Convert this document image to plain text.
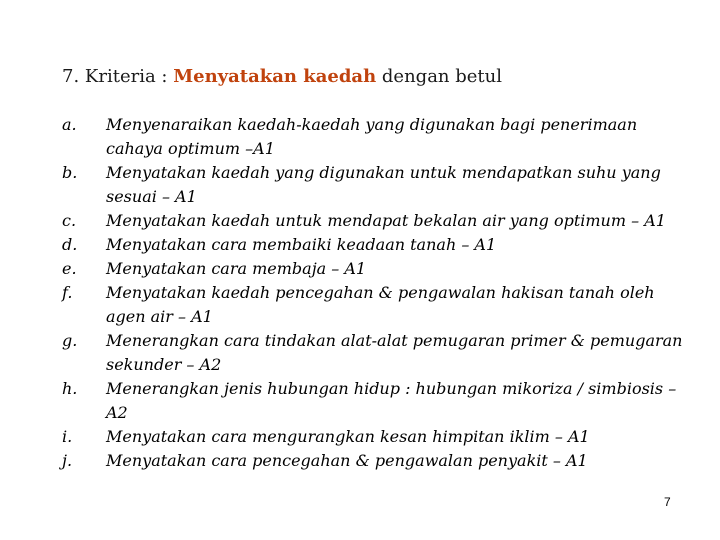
7. Kriteria : Menyatakan kaedah dengan betul
a.	Menyenaraikan kaedah-kaedah yang digunakan bagi penerimaan cahaya optimum –A1
b.	Menyatakan kaedah yang digunakan untuk mendapatkan suhu yang sesuai – A1
c.	Menyatakan kaedah untuk mendapat bekalan air yang optimum – A1
d.	Menyatakan cara membaiki keadaan tanah – A1
e.	Menyatakan cara membaja – A1
f.	Menyatakan kaedah pencegahan & pengawalan hakisan tanah oleh agen air – A1
g.	Menerangkan cara tindakan alat-alat pemugaran primer & pemugaran sekunder – A2
h.	Menerangkan jenis hubungan hidup : hubungan mikoriza / simbiosis – A2
i.	Menyatakan cara mengurangkan kesan himpitan iklim – A1
j.	Menyatakan cara pencegahan & pengawalan penyakit – A1
7
